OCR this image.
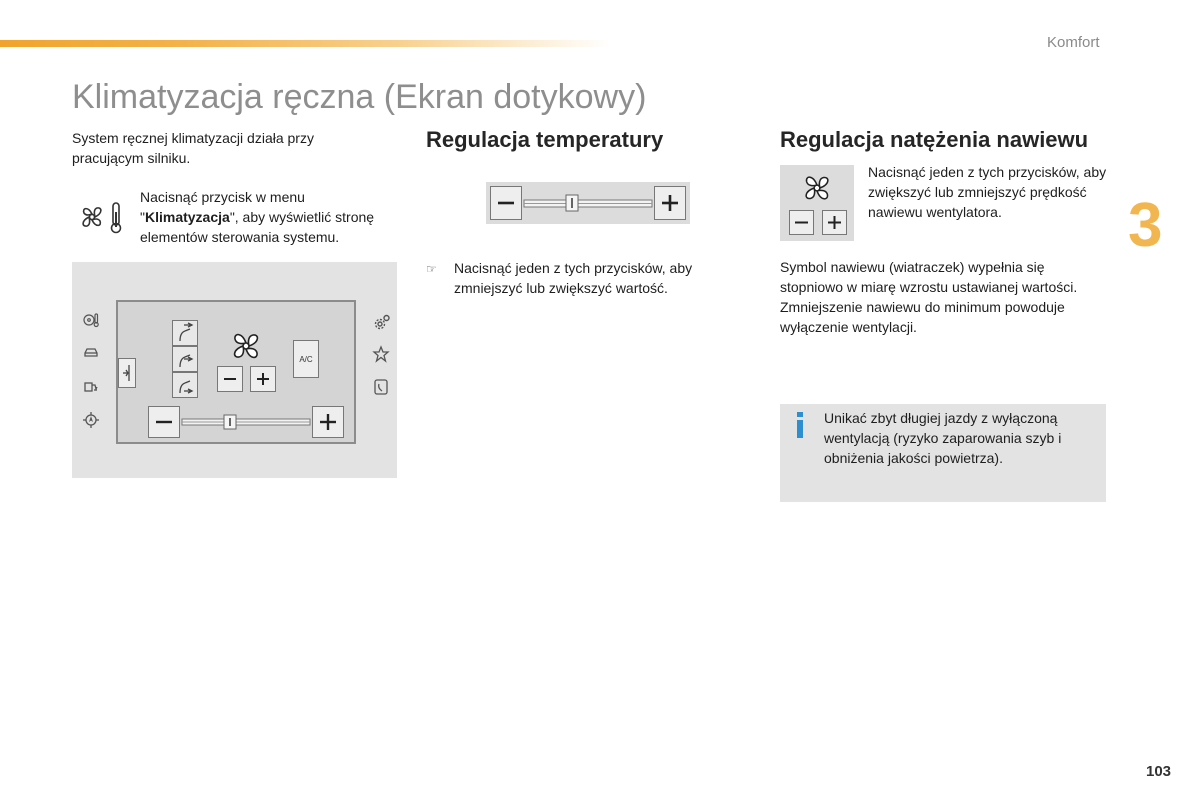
Komfort
Klimatyzacja ręczna (Ekran dotykowy)
3
103
System ręcznej klimatyzacji działa przy pracującym silniku.
Nacisnąć przycisk w menu "Klimatyzacja", aby wyświetlić stronę elementów sterowania systemu.
A/C
Regulacja temperatury
☞ Nacisnąć jeden z tych przycisków, aby zmniejszyć lub zwiększyć wartość.
Regulacja natężenia nawiewu
Nacisnąć jeden z tych przycisków, aby zwiększyć lub zmniejszyć prędkość nawiewu wentylatora.
Symbol nawiewu (wiatraczek) wypełnia się stopniowo w miarę wzrostu ustawianej wartości.
Zmniejszenie nawiewu do minimum powoduje wyłączenie wentylacji.
Unikać zbyt długiej jazdy z wyłączoną wentylacją (ryzyko zaparowania szyb i obniżenia jakości powietrza).
